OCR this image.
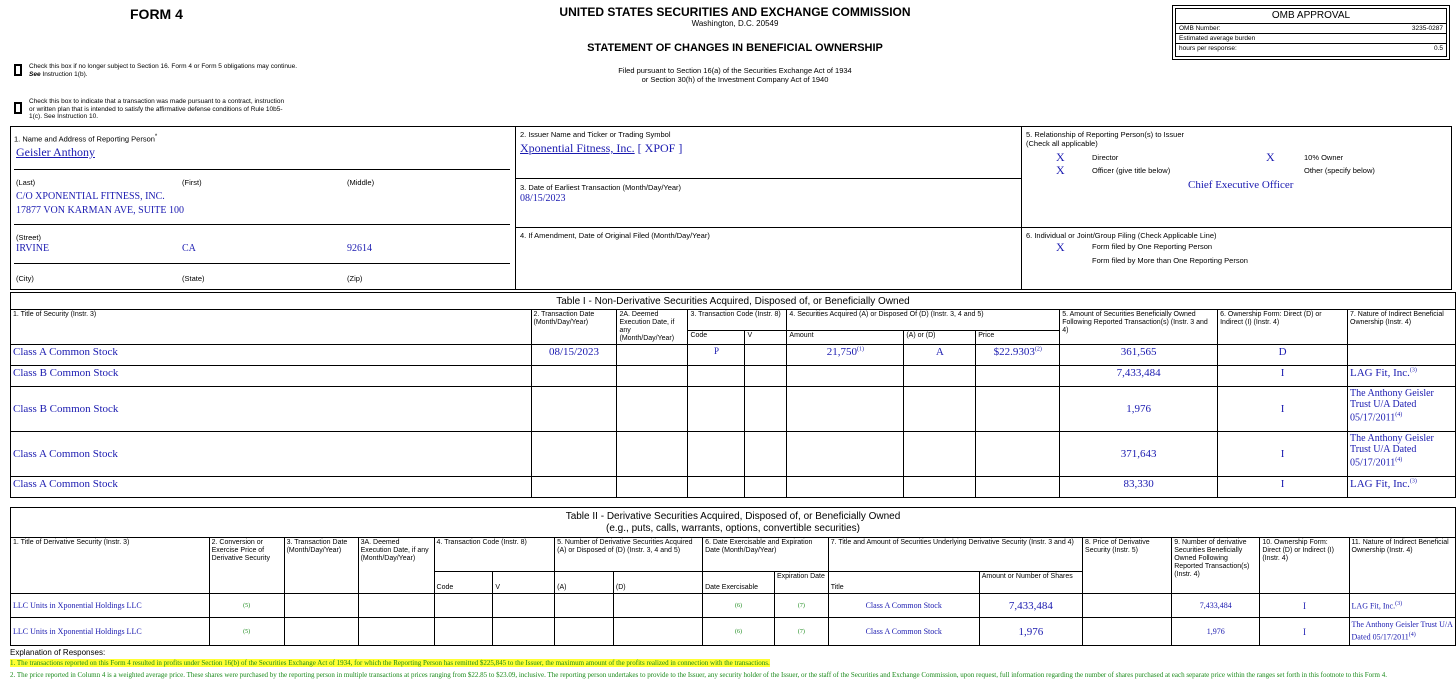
FORM 4	UNITED STATES SECURITIES AND EXCHANGE COMMISSION
Washington, D.C. 20549
STATEMENT OF CHANGES IN BENEFICIAL OWNERSHIP
Filed pursuant to Section 16(a) of the Securities Exchange Act of 1934
or Section 30(h) of the Investment Company Act of 1940
OMB APPROVAL
OMB Number:	3235-0287
Estimated average burden
hours per response:	0.5
Check this box if no longer subject to Section 16. Form 4 or Form 5 obligations may continue. See Instruction 1(b).
Check this box to indicate that a transaction was made pursuant to a contract, instruction or written plan that is intended to satisfy the affirmative defense conditions of Rule 10b5-1(c). See Instruction 10.
1. Name and Address of Reporting Person*
Geisler Anthony
(Last)	(First)	(Middle)
C/O XPONENTIAL FITNESS, INC.
17877 VON KARMAN AVE, SUITE 100
(Street)
IRVINE	CA	92614
(City)	(State)	(Zip)
2. Issuer Name and Ticker or Trading Symbol
Xponential Fitness, Inc. [ XPOF ]
3. Date of Earliest Transaction (Month/Day/Year)
08/15/2023
4. If Amendment, Date of Original Filed (Month/Day/Year)
5. Relationship of Reporting Person(s) to Issuer
(Check all applicable)
X	Director	X	10% Owner
X	Officer (give title below)	Other (specify below)
Chief Executive Officer
6. Individual or Joint/Group Filing (Check Applicable Line)
X	Form filed by One Reporting Person
Form filed by More than One Reporting Person
Table I - Non-Derivative Securities Acquired, Disposed of, or Beneficially Owned										
1. Title of Security (Instr. 3)	2. Transaction Date (Month/Day/Year)	2A. Deemed Execution Date, if any (Month/Day/Year)	3. Transaction Code (Instr. 8)		4. Securities Acquired (A) or Disposed Of (D) (Instr. 3, 4 and 5)			5. Amount of Securities Beneficially Owned Following Reported Transaction(s) (Instr. 3 and 4)	6. Ownership Form: Direct (D) or Indirect (I) (Instr. 4)	7. Nature of Indirect Beneficial Ownership (Instr. 4)
			Code	V	Amount	(A) or (D)	Price			
Class A Common Stock	08/15/2023		P		21,750$^{(1)}$	A	$22.9303$^{(2)}$	361,565	D	
Class B Common Stock								7,433,484	I	LAG Fit, Inc.$^{(3)}$
Class B Common Stock								1,976	I	The Anthony Geisler Trust U/A Dated 05/17/2011$^{(4)}$
Class A Common Stock								371,643	I	The Anthony Geisler Trust U/A Dated 05/17/2011$^{(4)}$
Class A Common Stock								83,330	I	LAG Fit, Inc.$^{(3)}$
Table II - Derivative Securities Acquired, Disposed of, or Beneficially Owned
(e.g., puts, calls, warrants, options, convertible securities)															

1. Title of Derivative Security (Instr. 3)	2. Conversion or Exercise Price of Derivative Security	3. Transaction Date (Month/Day/Year)	3A. Deemed Execution Date, if any (Month/Day/Year)	4. Transaction Code (Instr. 8)		5. Number of Derivative Securities Acquired (A) or Disposed of (D) (Instr. 3, 4 and 5)		6. Date Exercisable and Expiration Date (Month/Day/Year)		7. Title and Amount of Securities Underlying Derivative Security (Instr. 3 and 4)		8. Price of Derivative Security (Instr. 5)	9. Number of derivative Securities Beneficially Owned Following Reported Transaction(s) (Instr. 4)	10. Ownership Form: Direct (D) or Indirect (I) (Instr. 4)	11. Nature of Indirect Beneficial Ownership (Instr. 4)
				Code	V	(A)	(D)	Date Exercisable	Expiration Date	Title	Amount or Number of Shares				
LLC Units in Xponential Holdings LLC	(5)							(6)	(7)	Class A Common Stock	7,433,484		7,433,484	I	LAG Fit, Inc.$^{(3)}$
LLC Units in Xponential Holdings LLC	(5)							(6)	(7)	Class A Common Stock	1,976		1,976	I	The Anthony Geisler Trust U/A Dated 05/17/2011$^{(4)}$
Explanation of Responses:
1. The transactions reported on this Form 4 resulted in profits under Section 16(b) of the Securities Exchange Act of 1934, for which the Reporting Person has remitted $225,845 to the Issuer, the maximum amount of the profits realized in connection with the transactions.
2. The price reported in Column 4 is a weighted average price. These shares were purchased by the reporting person in multiple transactions at prices ranging from $22.85 to $23.09, inclusive. The reporting person undertakes to provide to the Issuer, any security holder of the Issuer, or the staff of the Securities and Exchange Commission, upon request, full information regarding the number of shares purchased at each separate price within the ranges set forth in this footnote to this Form 4.
